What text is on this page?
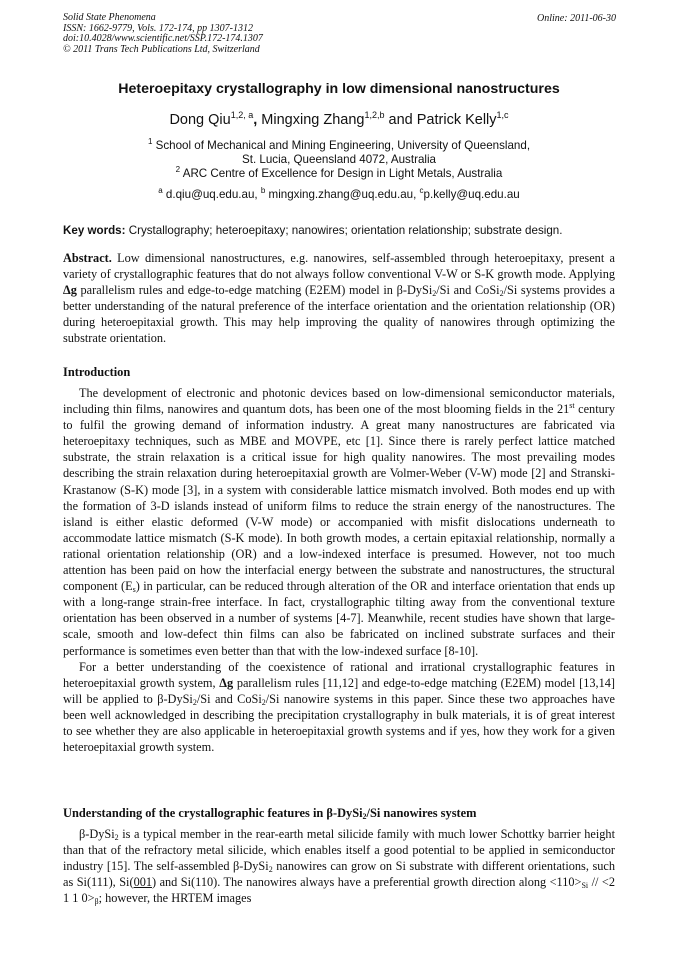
Solid State Phenomena
ISSN: 1662-9779, Vols. 172-174, pp 1307-1312
doi:10.4028/www.scientific.net/SSP.172-174.1307
© 2011 Trans Tech Publications Ltd, Switzerland
Online: 2011-06-30
Heteroepitaxy crystallography in low dimensional nanostructures
Dong Qiu$^{1,2, a}$, Mingxing Zhang$^{1,2,b}$ and Patrick Kelly$^{1,c}$
$^1$ School of Mechanical and Mining Engineering, University of Queensland,
St. Lucia, Queensland 4072, Australia
$^2$ ARC Centre of Excellence for Design in Light Metals, Australia
$^a$ d.qiu@uq.edu.au, $^b$ mingxing.zhang@uq.edu.au, $^c$p.kelly@uq.edu.au
Key words: Crystallography; heteroepitaxy; nanowires; orientation relationship; substrate design.

Abstract. Low dimensional nanostructures, e.g. nanowires, self-assembled through heteroepitaxy, present a variety of crystallographic features that do not always follow conventional V-W or S-K growth mode. Applying Δg parallelism rules and edge-to-edge matching (E2EM) model in β-DySi$_2$/Si and CoSi$_2$/Si systems provides a better understanding of the natural preference of the interface orientation and the orientation relationship (OR) during heteroepitaxial growth. This may help improving the quality of nanowires through optimizing the substrate orientation.

Introduction

The development of electronic and photonic devices based on low-dimensional semiconductor materials, including thin films, nanowires and quantum dots, has been one of the most blooming fields in the 21st century to fulfil the growing demand of information industry. A great many nanostructures are fabricated via heteroepitaxy techniques, such as MBE and MOVPE, etc [1]. Since there is rarely perfect lattice matched substrate, the strain relaxation is a critical issue for high quality nanowires. The most prevailing modes describing the strain relaxation during heteroepitaxial growth are Volmer-Weber (V-W) mode [2] and Stranski-Krastanow (S-K) mode [3], in a system with considerable lattice mismatch involved. Both modes end up with the formation of 3-D islands instead of uniform films to reduce the strain energy of the nanostructures. The island is either elastic deformed (V-W mode) or accompanied with misfit dislocations underneath to accommodate lattice mismatch (S-K mode). In both growth modes, a certain epitaxial relationship, normally a rational orientation relationship (OR) and a low-indexed interface is presumed. However, not too much attention has been paid on how the interfacial energy between the substrate and nanostructures, the structural component $(E_s)$ in particular, can be reduced through alteration of the OR and interface orientation that ends up with a long-range strain-free interface. In fact, crystallographic tilting away from the conventional texture orientation has been observed in a number of systems [4-7]. Meanwhile, recent studies have shown that large-scale, smooth and low-defect thin films can also be fabricated on inclined substrate surfaces and their performance is sometimes even better than that with the low-indexed surface [8-10].

For a better understanding of the coexistence of rational and irrational crystallographic features in heteroepitaxial growth system, Δg parallelism rules [11,12] and edge-to-edge matching (E2EM) model [13,14] will be applied to β-DySi$_2$/Si and CoSi$_2$/Si nanowire systems in this paper. Since these two approaches have been well acknowledged in describing the precipitation crystallography in bulk materials, it is of great interest to see whether they are also applicable in heteroepitaxial growth systems and if yes, how they work for a given heteroepitaxial growth system.

Understanding of the crystallographic features in β-DySi$_2$/Si nanowires system

β-DySi$_2$ is a typical member in the rear-earth metal silicide family with much lower Schottky barrier height than that of the refractory metal silicide, which enables itself a good potential to be applied in semiconductor industry [15]. The self-assembled β-DySi$_2$ nanowires can grow on Si substrate with different orientations, such as Si(111), Si(001) and Si(110). The nanowires always have a preferential growth direction along $<110>_{Si} // <2$ 1 1 $0>_\beta$; however, the HRTEM images
